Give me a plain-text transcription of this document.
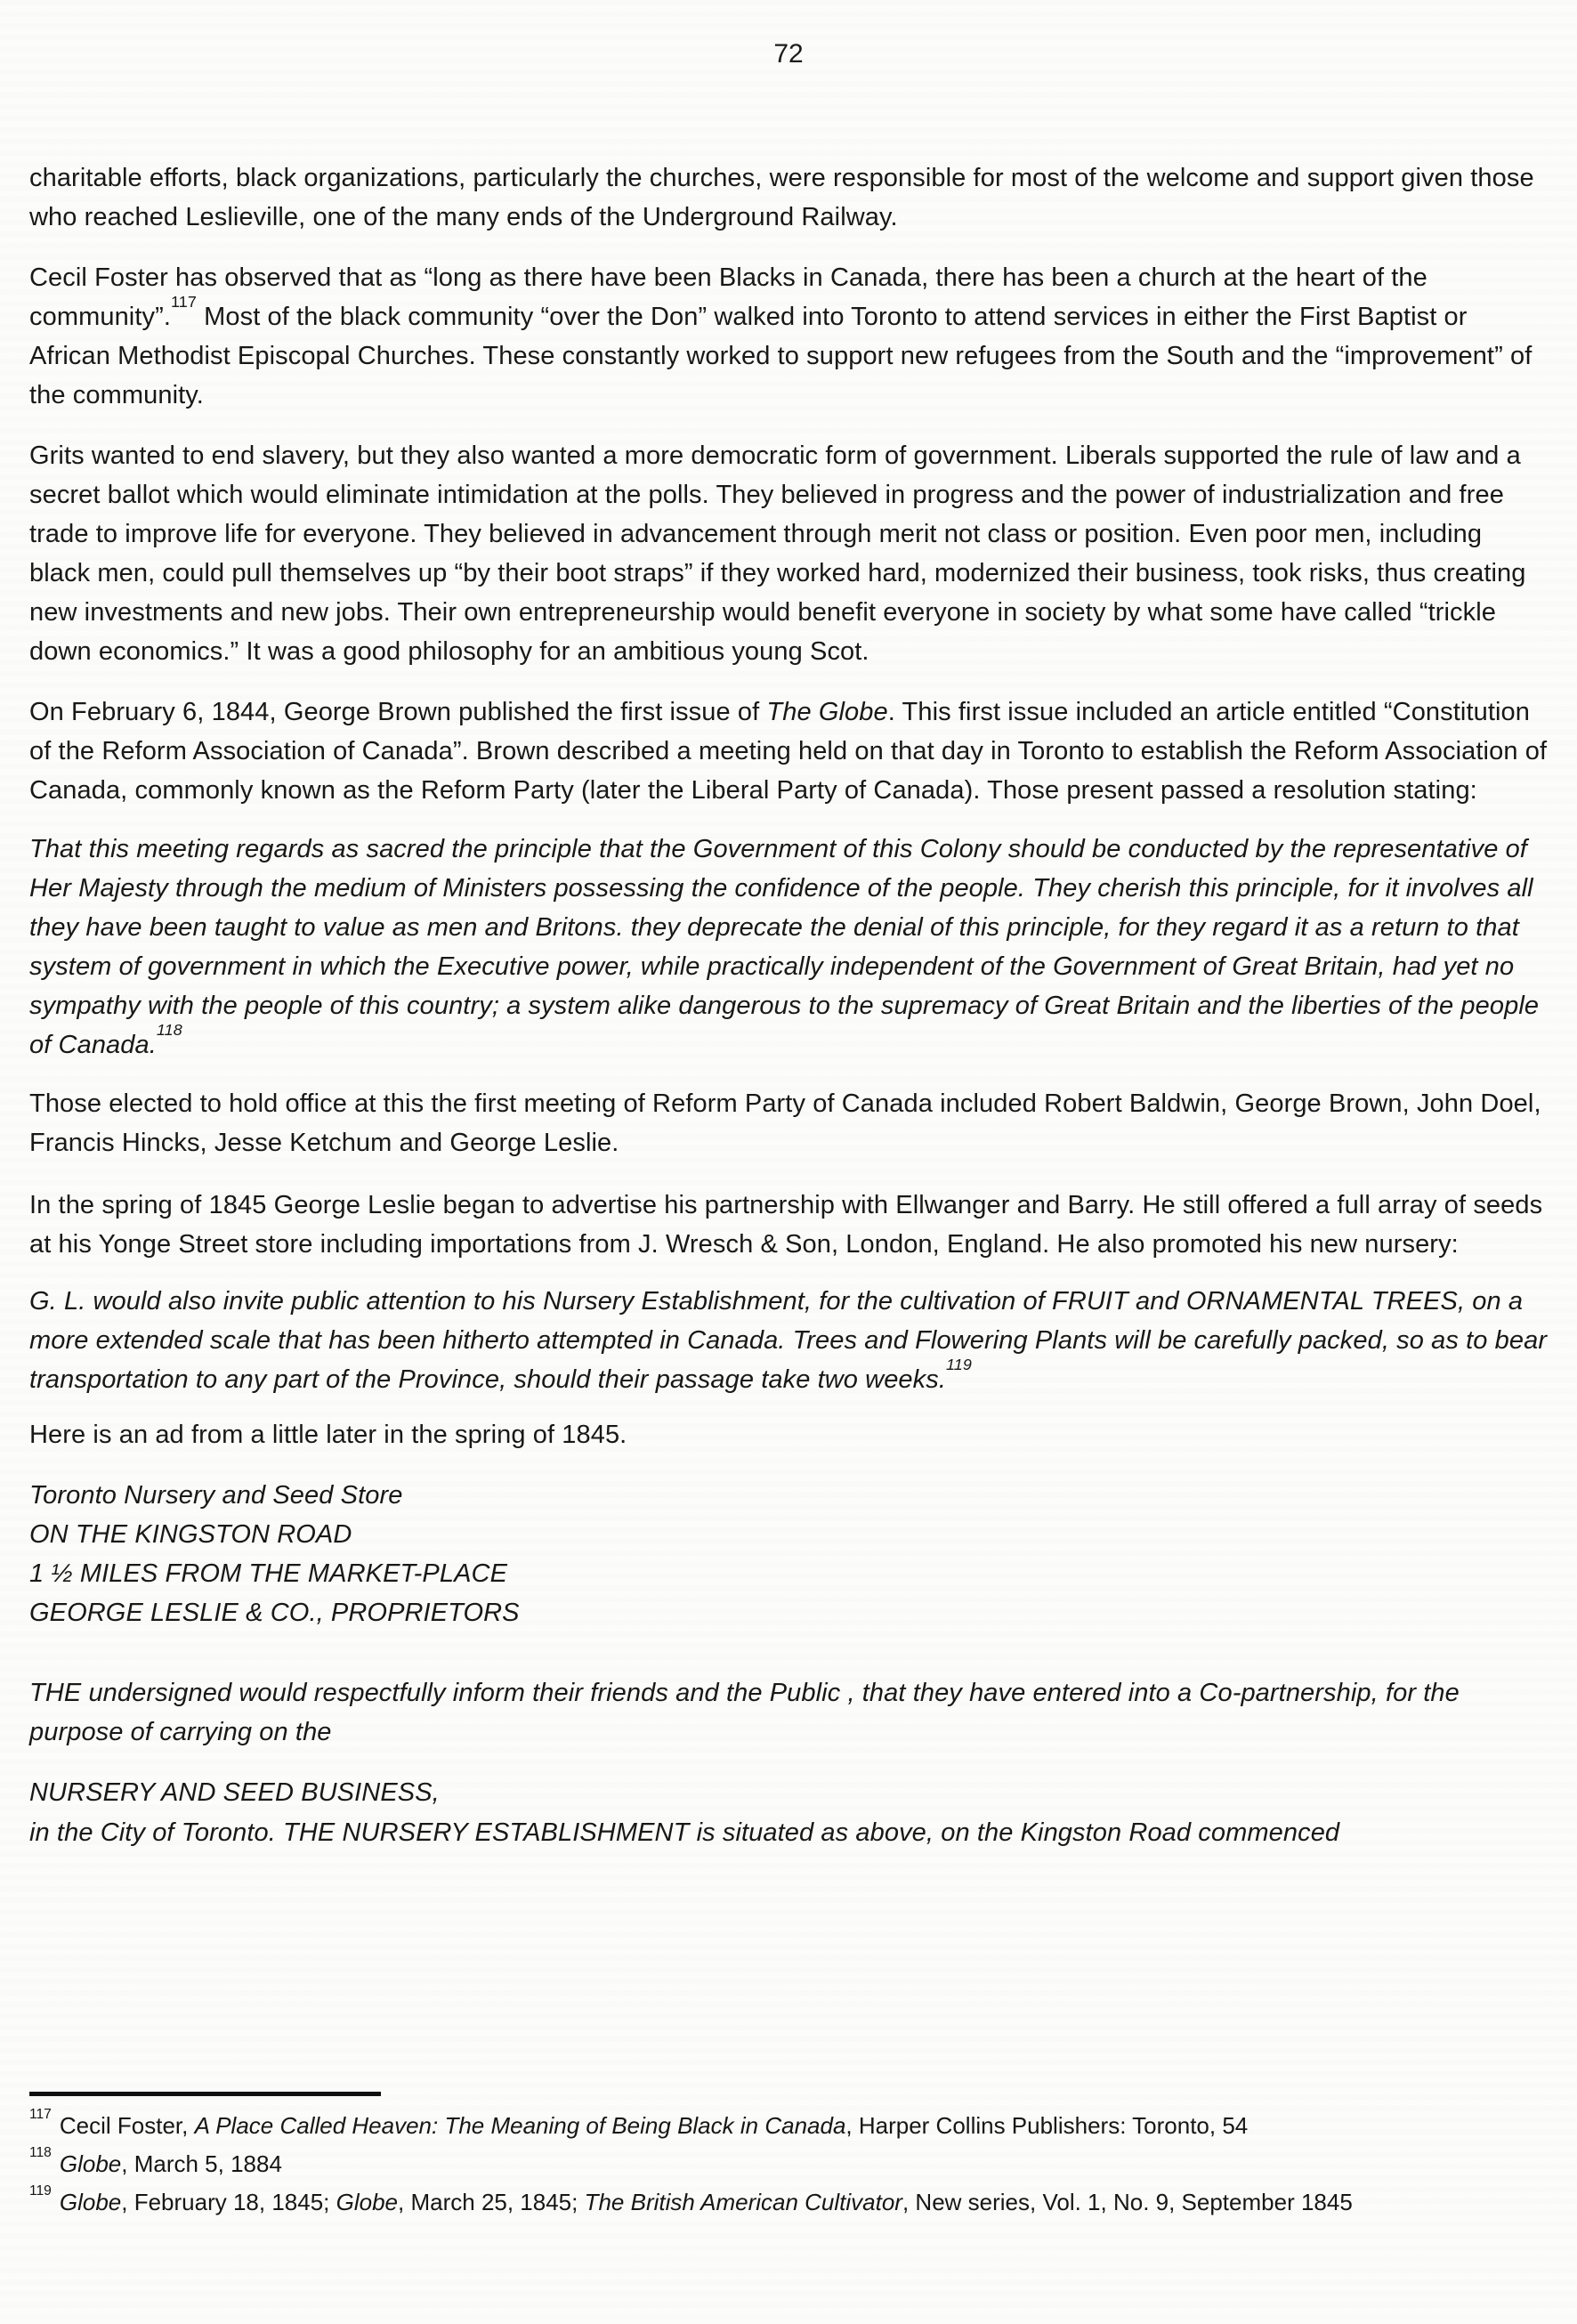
72

charitable efforts, black organizations, particularly the churches, were responsible for most of the welcome and support given those who reached Leslieville, one of the many ends of the Underground Railway.

Cecil Foster has observed that as “long as there have been Blacks in Canada, there has been a church at the heart of the community”.$^{117}$ Most of the black community “over the Don” walked into Toronto to attend services in either the First Baptist or African Methodist Episcopal Churches. These constantly worked to support new refugees from the South and the “improvement” of the community.

Grits wanted to end slavery, but they also wanted a more democratic form of government. Liberals supported the rule of law and a secret ballot which would eliminate intimidation at the polls. They believed in progress and the power of industrialization and free trade to improve life for everyone. They believed in advancement through merit not class or position. Even poor men, including black men, could pull themselves up “by their boot straps” if they worked hard, modernized their business, took risks, thus creating new investments and new jobs. Their own entrepreneurship would benefit everyone in society by what some have called “trickle down economics.” It was a good philosophy for an ambitious young Scot.

On February 6, 1844, George Brown published the first issue of The Globe. This first issue included an article entitled “Constitution of the Reform Association of Canada”. Brown described a meeting held on that day in Toronto to establish the Reform Association of Canada, commonly known as the Reform Party (later the Liberal Party of Canada). Those present passed a resolution stating:

That this meeting regards as sacred the principle that the Government of this Colony should be conducted by the representative of Her Majesty through the medium of Ministers possessing the confidence of the people. They cherish this principle, for it involves all they have been taught to value as men and Britons. they deprecate the denial of this principle, for they regard it as a return to that system of government in which the Executive power, while practically independent of the Government of Great Britain, had yet no sympathy with the people of this country; a system alike dangerous to the supremacy of Great Britain and the liberties of the people of Canada.$^{118}$

Those elected to hold office at this the first meeting of Reform Party of Canada included Robert Baldwin, George Brown, John Doel, Francis Hincks, Jesse Ketchum and George Leslie.

In the spring of 1845 George Leslie began to advertise his partnership with Ellwanger and Barry. He still offered a full array of seeds at his Yonge Street store including importations from J. Wresch & Son, London, England. He also promoted his new nursery:

G. L. would also invite public attention to his Nursery Establishment, for the cultivation of FRUIT and ORNAMENTAL TREES, on a more extended scale that has been hitherto attempted in Canada. Trees and Flowering Plants will be carefully packed, so as to bear transportation to any part of the Province, should their passage take two weeks.$^{119}$

Here is an ad from a little later in the spring of 1845.

Toronto Nursery and Seed Store
ON THE KINGSTON ROAD
1 ½ MILES FROM THE MARKET-PLACE
GEORGE LESLIE & CO., PROPRIETORS

THE undersigned would respectfully inform their friends and the Public , that they have entered into a Co-partnership, for the purpose of carrying on the

NURSERY AND SEED BUSINESS,
in the City of Toronto. THE NURSERY ESTABLISHMENT is situated as above, on the Kingston Road commenced
$^{117}$ Cecil Foster, A Place Called Heaven: The Meaning of Being Black in Canada, Harper Collins Publishers: Toronto, 54
$^{118}$ Globe, March 5, 1884
$^{119}$ Globe, February 18, 1845; Globe, March 25, 1845; The British American Cultivator, New series, Vol. 1, No. 9, September 1845
